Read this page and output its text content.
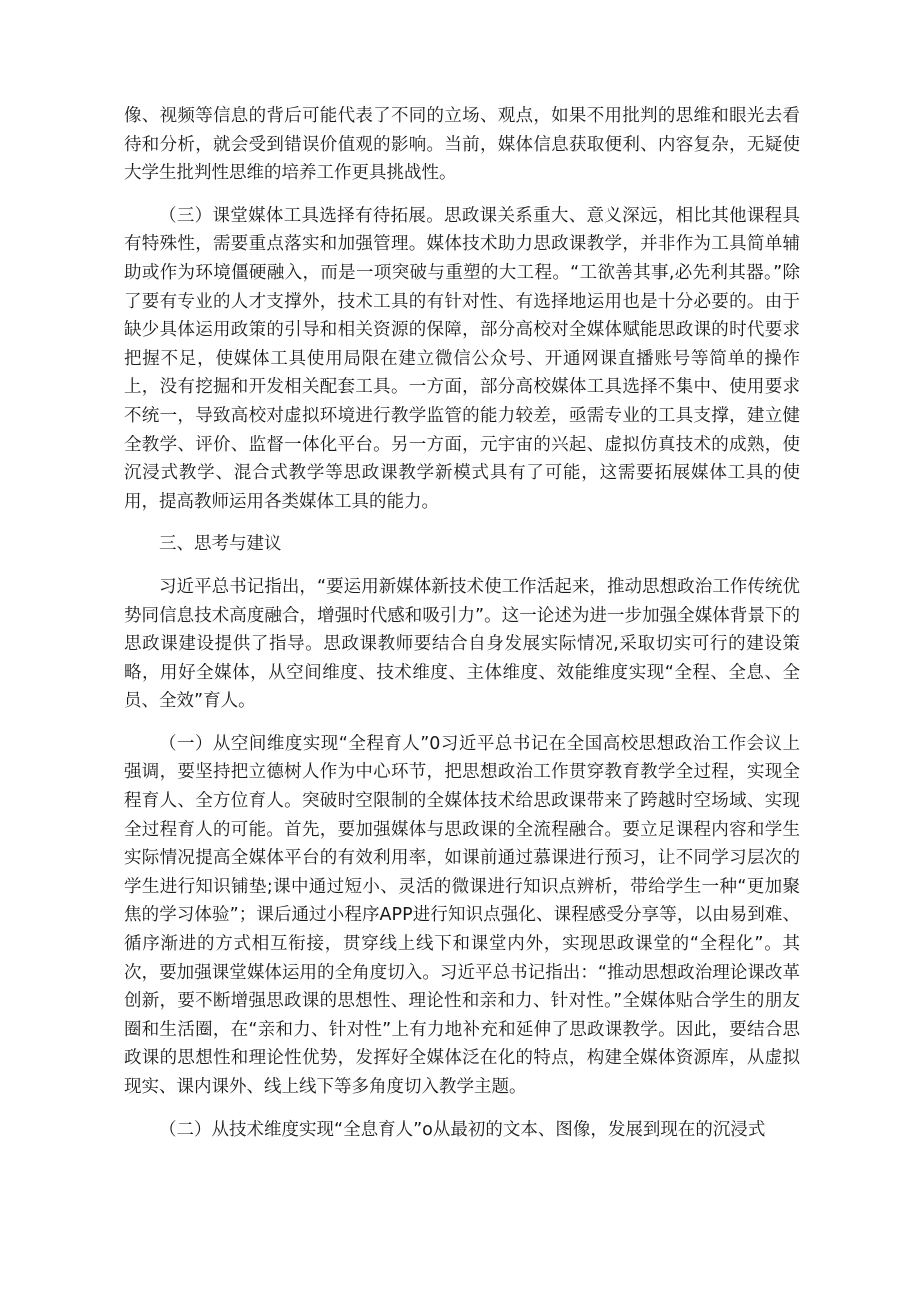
像、视频等信息的背后可能代表了不同的立场、观点，如果不用批判的思维和眼光去看待和分析，就会受到错误价值观的影响。当前，媒体信息获取便利、内容复杂，无疑使大学生批判性思维的培养工作更具挑战性。

（三）课堂媒体工具选择有待拓展。思政课关系重大、意义深远，相比其他课程具有特殊性，需要重点落实和加强管理。媒体技术助力思政课教学，并非作为工具简单辅助或作为环境僵硬融入，而是一项突破与重塑的大工程。“工欲善其事,必先利其器。”除了要有专业的人才支撑外，技术工具的有针对性、有选择地运用也是十分必要的。由于缺少具体运用政策的引导和相关资源的保障，部分高校对全媒体赋能思政课的时代要求把握不足，使媒体工具使用局限在建立微信公众号、开通网课直播账号等简单的操作上，没有挖掘和开发相关配套工具。一方面，部分高校媒体工具选择不集中、使用要求不统一，导致高校对虚拟环境进行教学监管的能力较差，亟需专业的工具支撑，建立健全教学、评价、监督一体化平台。另一方面，元宇宙的兴起、虚拟仿真技术的成熟，使沉浸式教学、混合式教学等思政课教学新模式具有了可能，这需要拓展媒体工具的使用，提高教师运用各类媒体工具的能力。

三、思考与建议

习近平总书记指出，“要运用新媒体新技术使工作活起来，推动思想政治工作传统优势同信息技术高度融合，增强时代感和吸引力”。这一论述为进一步加强全媒体背景下的思政课建设提供了指导。思政课教师要结合自身发展实际情况,采取切实可行的建设策略，用好全媒体，从空间维度、技术维度、主体维度、效能维度实现“全程、全息、全员、全效”育人。

（一）从空间维度实现“全程育人”0习近平总书记在全国高校思想政治工作会议上强调，要坚持把立德树人作为中心环节，把思想政治工作贯穿教育教学全过程，实现全程育人、全方位育人。突破时空限制的全媒体技术给思政课带来了跨越时空场域、实现全过程育人的可能。首先，要加强媒体与思政课的全流程融合。要立足课程内容和学生实际情况提高全媒体平台的有效利用率，如课前通过慕课进行预习，让不同学习层次的学生进行知识铺垫;课中通过短小、灵活的微课进行知识点辨析，带给学生一种“更加聚焦的学习体验”；课后通过小程序APP进行知识点强化、课程感受分享等，以由易到难、循序渐进的方式相互衔接，贯穿线上线下和课堂内外，实现思政课堂的“全程化”。其次，要加强课堂媒体运用的全角度切入。习近平总书记指出：“推动思想政治理论课改革创新，要不断增强思政课的思想性、理论性和亲和力、针对性。”全媒体贴合学生的朋友圈和生活圈，在“亲和力、针对性”上有力地补充和延伸了思政课教学。因此，要结合思政课的思想性和理论性优势，发挥好全媒体泛在化的特点，构建全媒体资源库，从虚拟现实、课内课外、线上线下等多角度切入教学主题。

（二）从技术维度实现“全息育人”o从最初的文本、图像，发展到现在的沉浸式
